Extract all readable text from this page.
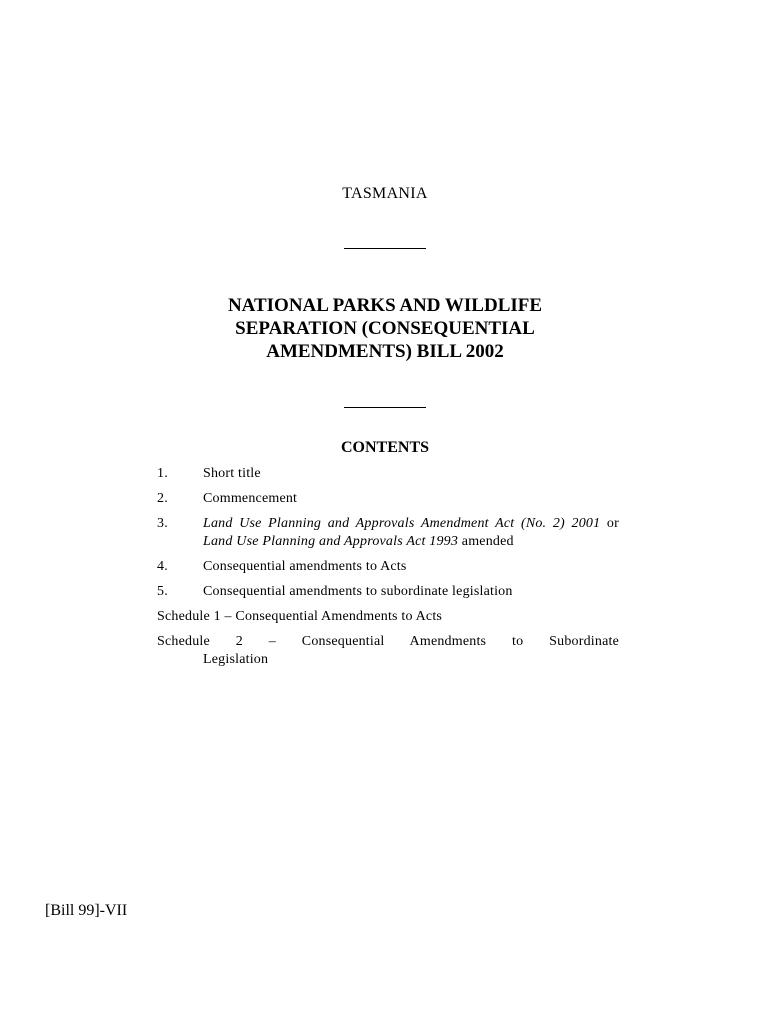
TASMANIA
NATIONAL PARKS AND WILDLIFE
SEPARATION (CONSEQUENTIAL
AMENDMENTS) BILL 2002
CONTENTS
1.	Short title
2.	Commencement
3.	Land Use Planning and Approvals Amendment Act (No. 2) 2001 or Land Use Planning and Approvals Act 1993 amended
4.	Consequential amendments to Acts
5.	Consequential amendments to subordinate legislation
Schedule 1 – Consequential Amendments to Acts
Schedule 2 – Consequential Amendments to Subordinate
Legislation
[Bill 99]-VII
